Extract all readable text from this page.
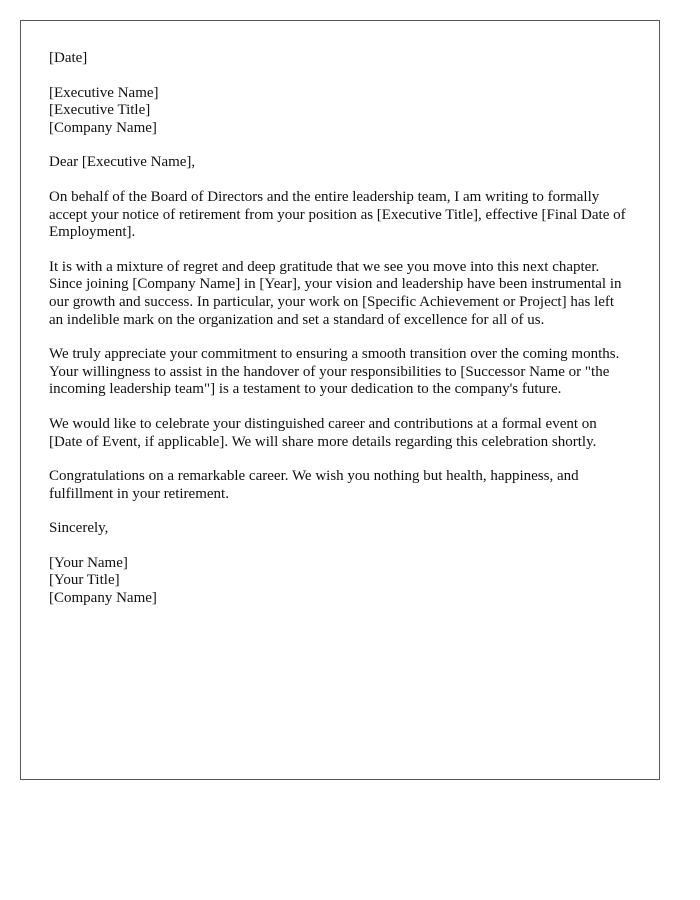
[Date]
[Executive Name]
[Executive Title]
[Company Name]

Dear [Executive Name],

On behalf of the Board of Directors and the entire leadership team, I am writing to formally accept your notice of retirement from your position as [Executive Title], effective [Final Date of Employment].

It is with a mixture of regret and deep gratitude that we see you move into this next chapter. Since joining [Company Name] in [Year], your vision and leadership have been instrumental in our growth and success. In particular, your work on [Specific Achievement or Project] has left an indelible mark on the organization and set a standard of excellence for all of us.

We truly appreciate your commitment to ensuring a smooth transition over the coming months. Your willingness to assist in the handover of your responsibilities to [Successor Name or "the incoming leadership team"] is a testament to your dedication to the company's future.

We would like to celebrate your distinguished career and contributions at a formal event on [Date of Event, if applicable]. We will share more details regarding this celebration shortly.

Congratulations on a remarkable career. We wish you nothing but health, happiness, and fulfillment in your retirement.

Sincerely,

[Your Name]
[Your Title]
[Company Name]
